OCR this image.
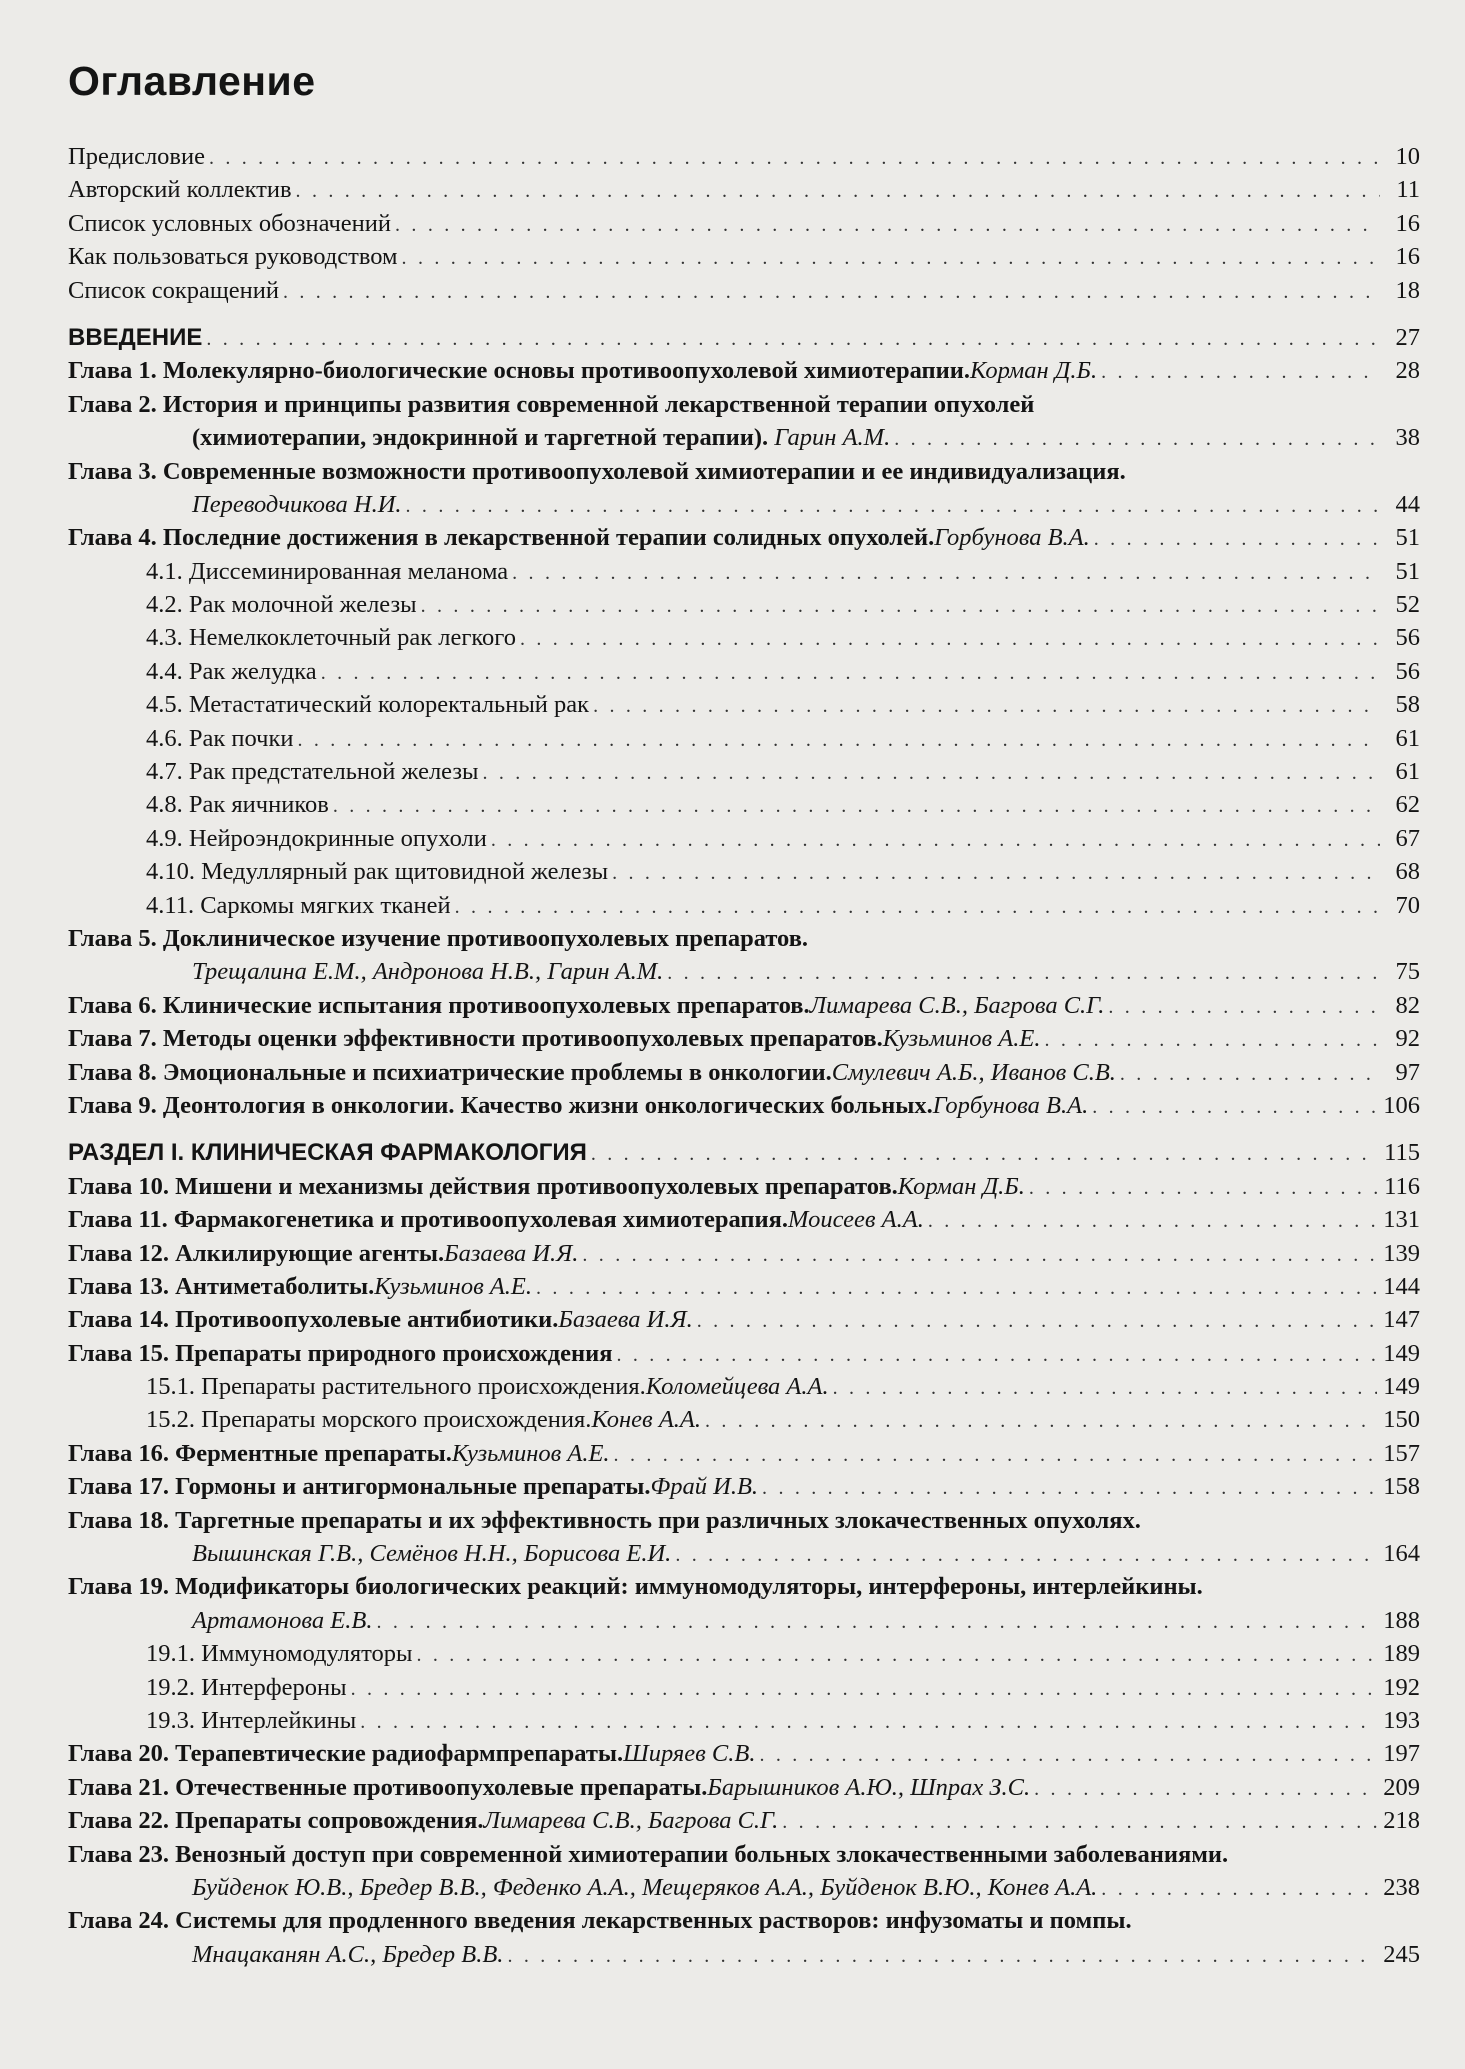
Оглавление
Предисловие . . .	10
Авторский коллектив . . .	11
Список условных обозначений . . .	16
Как пользоваться руководством . . .	16
Список сокращений . . .	18
ВВЕДЕНИЕ . . .	27
Глава 1. Молекулярно-биологические основы противоопухолевой химиотерапии. Корман Д.Б. . . .	28
Глава 2. История и принципы развития современной лекарственной терапии опухолей
(химиотерапии, эндокринной и таргетной терапии) . Гарин А.М. . . .	38
Глава 3. Современные возможности противоопухолевой химиотерапии и ее индивидуализация.
Переводчикова Н.И. . . .	44
Глава 4. Последние достижения в лекарственной терапии солидных опухолей. Горбунова В.А. . . .	51
4.1. Диссеминированная меланома . . .	51
4.2. Рак молочной железы . . .	52
4.3. Немелкоклеточный рак легкого . . .	56
4.4. Рак желудка . . .	56
4.5. Метастатический колоректальный рак . . .	58
4.6. Рак почки . . .	61
4.7. Рак предстательной железы . . .	61
4.8. Рак яичников . . .	62
4.9. Нейроэндокринные опухоли . . .	67
4.10. Медуллярный рак щитовидной железы . . .	68
4.11. Саркомы мягких тканей . . .	70
Глава 5. Доклиническое изучение противоопухолевых препаратов.
Трещалина Е.М., Андронова Н.В., Гарин А.М. . . .	75
Глава 6. Клинические испытания противоопухолевых препаратов. Лимарева С.В., Багрова С.Г. . . .	82
Глава 7. Методы оценки эффективности противоопухолевых препаратов. Кузьминов А.Е. . . .	92
Глава 8. Эмоциональные и психиатрические проблемы в онкологии. Смулевич А.Б., Иванов С.В. . . .	97
Глава 9. Деонтология в онкологии. Качество жизни онкологических больных. Горбунова В.А. . . .	106
РАЗДЕЛ I. КЛИНИЧЕСКАЯ ФАРМАКОЛОГИЯ . . .	115
Глава 10. Мишени и механизмы действия противоопухолевых препаратов. Корман Д.Б. . . .	116
Глава 11. Фармакогенетика и противоопухолевая химиотерапия. Моисеев А.А. . . .	131
Глава 12. Алкилирующие агенты. Базаева И.Я. . . .	139
Глава 13. Антиметаболиты. Кузьминов А.Е. . . .	144
Глава 14. Противоопухолевые антибиотики. Базаева И.Я. . . .	147
Глава 15. Препараты природного происхождения . . .	149
15.1. Препараты растительного происхождения. Коломейцева А.А. . . .	149
15.2. Препараты морского происхождения. Конев А.А. . . .	150
Глава 16. Ферментные препараты. Кузьминов А.Е. . . .	157
Глава 17. Гормоны и антигормональные препараты. Фрай И.В. . . .	158
Глава 18. Таргетные препараты и их эффективность при различных злокачественных опухолях.
Вышинская Г.В., Семёнов Н.Н., Борисова Е.И. . . .	164
Глава 19. Модификаторы биологических реакций: иммуномодуляторы, интерфероны, интерлейкины.
Артамонова Е.В. . . .	188
19.1. Иммуномодуляторы . . .	189
19.2. Интерфероны . . .	192
19.3. Интерлейкины . . .	193
Глава 20. Терапевтические радиофармпрепараты. Ширяев С.В. . . .	197
Глава 21. Отечественные противоопухолевые препараты. Барышников А.Ю., Шпрах З.С. . . .	209
Глава 22. Препараты сопровождения. Лимарева С.В., Багрова С.Г. . . .	218
Глава 23. Венозный доступ при современной химиотерапии больных злокачественными заболеваниями.
Буйденок Ю.В., Бредер В.В., Феденко А.А., Мещеряков А.А., Буйденок В.Ю., Конев А.А. . . .	238
Глава 24. Системы для продленного введения лекарственных растворов: инфузоматы и помпы.
Мнацаканян А.С., Бредер В.В. . . .	245
